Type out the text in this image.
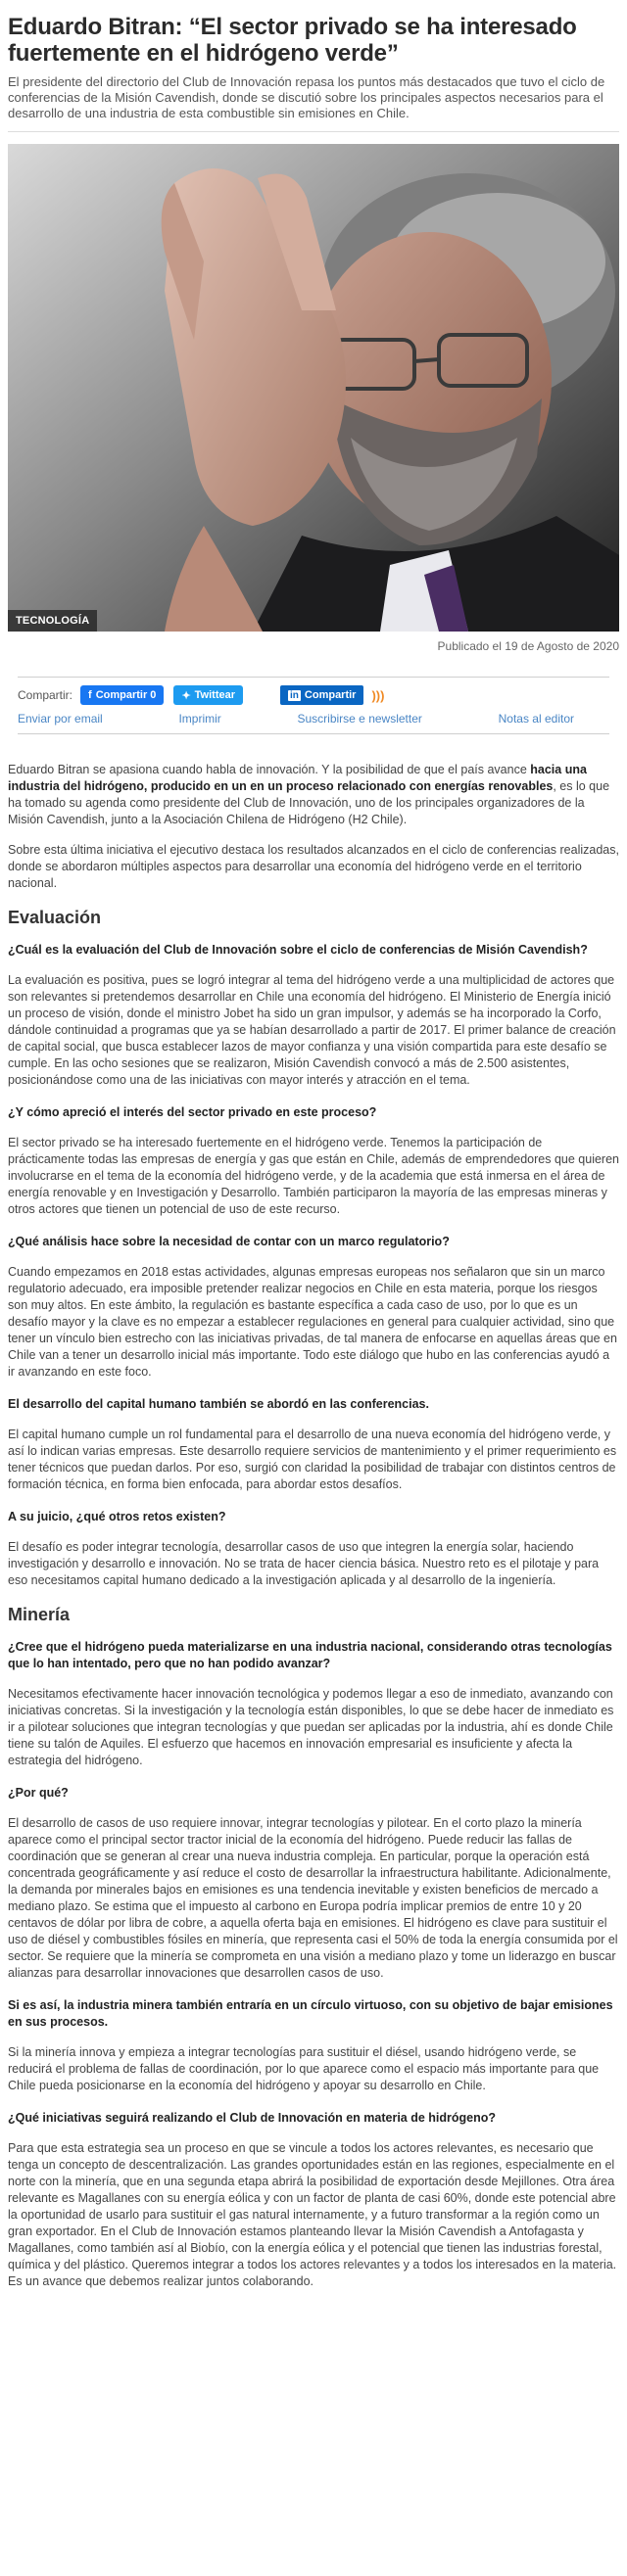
Eduardo Bitran: “El sector privado se ha interesado fuertemente en el hidrógeno verde”

El presidente del directorio del Club de Innovación repasa los puntos más destacados que tuvo el ciclo de conferencias de la Misión Cavendish, donde se discutió sobre los principales aspectos necesarios para el desarrollo de una industria de esta combustible sin emisiones en Chile.

TECNOLOGÍA

Publicado el 19 de Agosto de 2020

Compartir: f Compartir 0 ✦ Twittear	in Compartir )))
Enviar por email	Imprimir	Suscribirse e newsletter	Notas al editor

Eduardo Bitran se apasiona cuando habla de innovación. Y la posibilidad de que el país avance hacia una industria del hidrógeno, producido en un en un proceso relacionado con energías renovables, es lo que ha tomado su agenda como presidente del Club de Innovación, uno de los principales organizadores de la Misión Cavendish, junto a la Asociación Chilena de Hidrógeno (H2 Chile).

Sobre esta última iniciativa el ejecutivo destaca los resultados alcanzados en el ciclo de conferencias realizadas, donde se abordaron múltiples aspectos para desarrollar una economía del hidrógeno verde en el territorio nacional.

Evaluación

¿Cuál es la evaluación del Club de Innovación sobre el ciclo de conferencias de Misión Cavendish?

La evaluación es positiva, pues se logró integrar al tema del hidrógeno verde a una multiplicidad de actores que son relevantes si pretendemos desarrollar en Chile una economía del hidrógeno. El Ministerio de Energía inició un proceso de visión, donde el ministro Jobet ha sido un gran impulsor, y además se ha incorporado la Corfo, dándole continuidad a programas que ya se habían desarrollado a partir de 2017. El primer balance de creación de capital social, que busca establecer lazos de mayor confianza y una visión compartida para este desafío se cumple. En las ocho sesiones que se realizaron, Misión Cavendish convocó a más de 2.500 asistentes, posicionándose como una de las iniciativas con mayor interés y atracción en el tema.

¿Y cómo apreció el interés del sector privado en este proceso?

El sector privado se ha interesado fuertemente en el hidrógeno verde. Tenemos la participación de prácticamente todas las empresas de energía y gas que están en Chile, además de emprendedores que quieren involucrarse en el tema de la economía del hidrógeno verde, y de la academia que está inmersa en el área de energía renovable y en Investigación y Desarrollo. También participaron la mayoría de las empresas mineras y otros actores que tienen un potencial de uso de este recurso.

¿Qué análisis hace sobre la necesidad de contar con un marco regulatorio?

Cuando empezamos en 2018 estas actividades, algunas empresas europeas nos señalaron que sin un marco regulatorio adecuado, era imposible pretender realizar negocios en Chile en esta materia, porque los riesgos son muy altos. En este ámbito, la regulación es bastante específica a cada caso de uso, por lo que es un desafío mayor y la clave es no empezar a establecer regulaciones en general para cualquier actividad, sino que tener un vínculo bien estrecho con las iniciativas privadas, de tal manera de enfocarse en aquellas áreas que en Chile van a tener un desarrollo inicial más importante. Todo este diálogo que hubo en las conferencias ayudó a ir avanzando en este foco.

El desarrollo del capital humano también se abordó en las conferencias.

El capital humano cumple un rol fundamental para el desarrollo de una nueva economía del hidrógeno verde, y así lo indican varias empresas. Este desarrollo requiere servicios de mantenimiento y el primer requerimiento es tener técnicos que puedan darlos. Por eso, surgió con claridad la posibilidad de trabajar con distintos centros de formación técnica, en forma bien enfocada, para abordar estos desafíos.

A su juicio, ¿qué otros retos existen?

El desafío es poder integrar tecnología, desarrollar casos de uso que integren la energía solar, haciendo investigación y desarrollo e innovación. No se trata de hacer ciencia básica. Nuestro reto es el pilotaje y para eso necesitamos capital humano dedicado a la investigación aplicada y al desarrollo de la ingeniería.

Minería

¿Cree que el hidrógeno pueda materializarse en una industria nacional, considerando otras tecnologías que lo han intentado, pero que no han podido avanzar?

Necesitamos efectivamente hacer innovación tecnológica y podemos llegar a eso de inmediato, avanzando con iniciativas concretas. Si la investigación y la tecnología están disponibles, lo que se debe hacer de inmediato es ir a pilotear soluciones que integran tecnologías y que puedan ser aplicadas por la industria, ahí es donde Chile tiene su talón de Aquiles. El esfuerzo que hacemos en innovación empresarial es insuficiente y afecta la estrategia del hidrógeno.

¿Por qué?

El desarrollo de casos de uso requiere innovar, integrar tecnologías y pilotear. En el corto plazo la minería aparece como el principal sector tractor inicial de la economía del hidrógeno. Puede reducir las fallas de coordinación que se generan al crear una nueva industria compleja. En particular, porque la operación está concentrada geográficamente y así reduce el costo de desarrollar la infraestructura habilitante. Adicionalmente, la demanda por minerales bajos en emisiones es una tendencia inevitable y existen beneficios de mercado a mediano plazo. Se estima que el impuesto al carbono en Europa podría implicar premios de entre 10 y 20 centavos de dólar por libra de cobre, a aquella oferta baja en emisiones. El hidrógeno es clave para sustituir el uso de diésel y combustibles fósiles en minería, que representa casi el 50% de toda la energía consumida por el sector. Se requiere que la minería se comprometa en una visión a mediano plazo y tome un liderazgo en buscar alianzas para desarrollar innovaciones que desarrollen casos de uso.

Si es así, la industria minera también entraría en un círculo virtuoso, con su objetivo de bajar emisiones en sus procesos.

Si la minería innova y empieza a integrar tecnologías para sustituir el diésel, usando hidrógeno verde, se reducirá el problema de fallas de coordinación, por lo que aparece como el espacio más importante para que Chile pueda posicionarse en la economía del hidrógeno y apoyar su desarrollo en Chile.

¿Qué iniciativas seguirá realizando el Club de Innovación en materia de hidrógeno?

Para que esta estrategia sea un proceso en que se vincule a todos los actores relevantes, es necesario que tenga un concepto de descentralización. Las grandes oportunidades están en las regiones, especialmente en el norte con la minería, que en una segunda etapa abrirá la posibilidad de exportación desde Mejillones. Otra área relevante es Magallanes con su energía eólica y con un factor de planta de casi 60%, donde este potencial abre la oportunidad de usarlo para sustituir el gas natural internamente, y a futuro transformar a la región como un gran exportador. En el Club de Innovación estamos planteando llevar la Misión Cavendish a Antofagasta y Magallanes, como también así al Biobío, con la energía eólica y el potencial que tienen las industrias forestal, química y del plástico. Queremos integrar a todos los actores relevantes y a todos los interesados en la materia. Es un avance que debemos realizar juntos colaborando.
